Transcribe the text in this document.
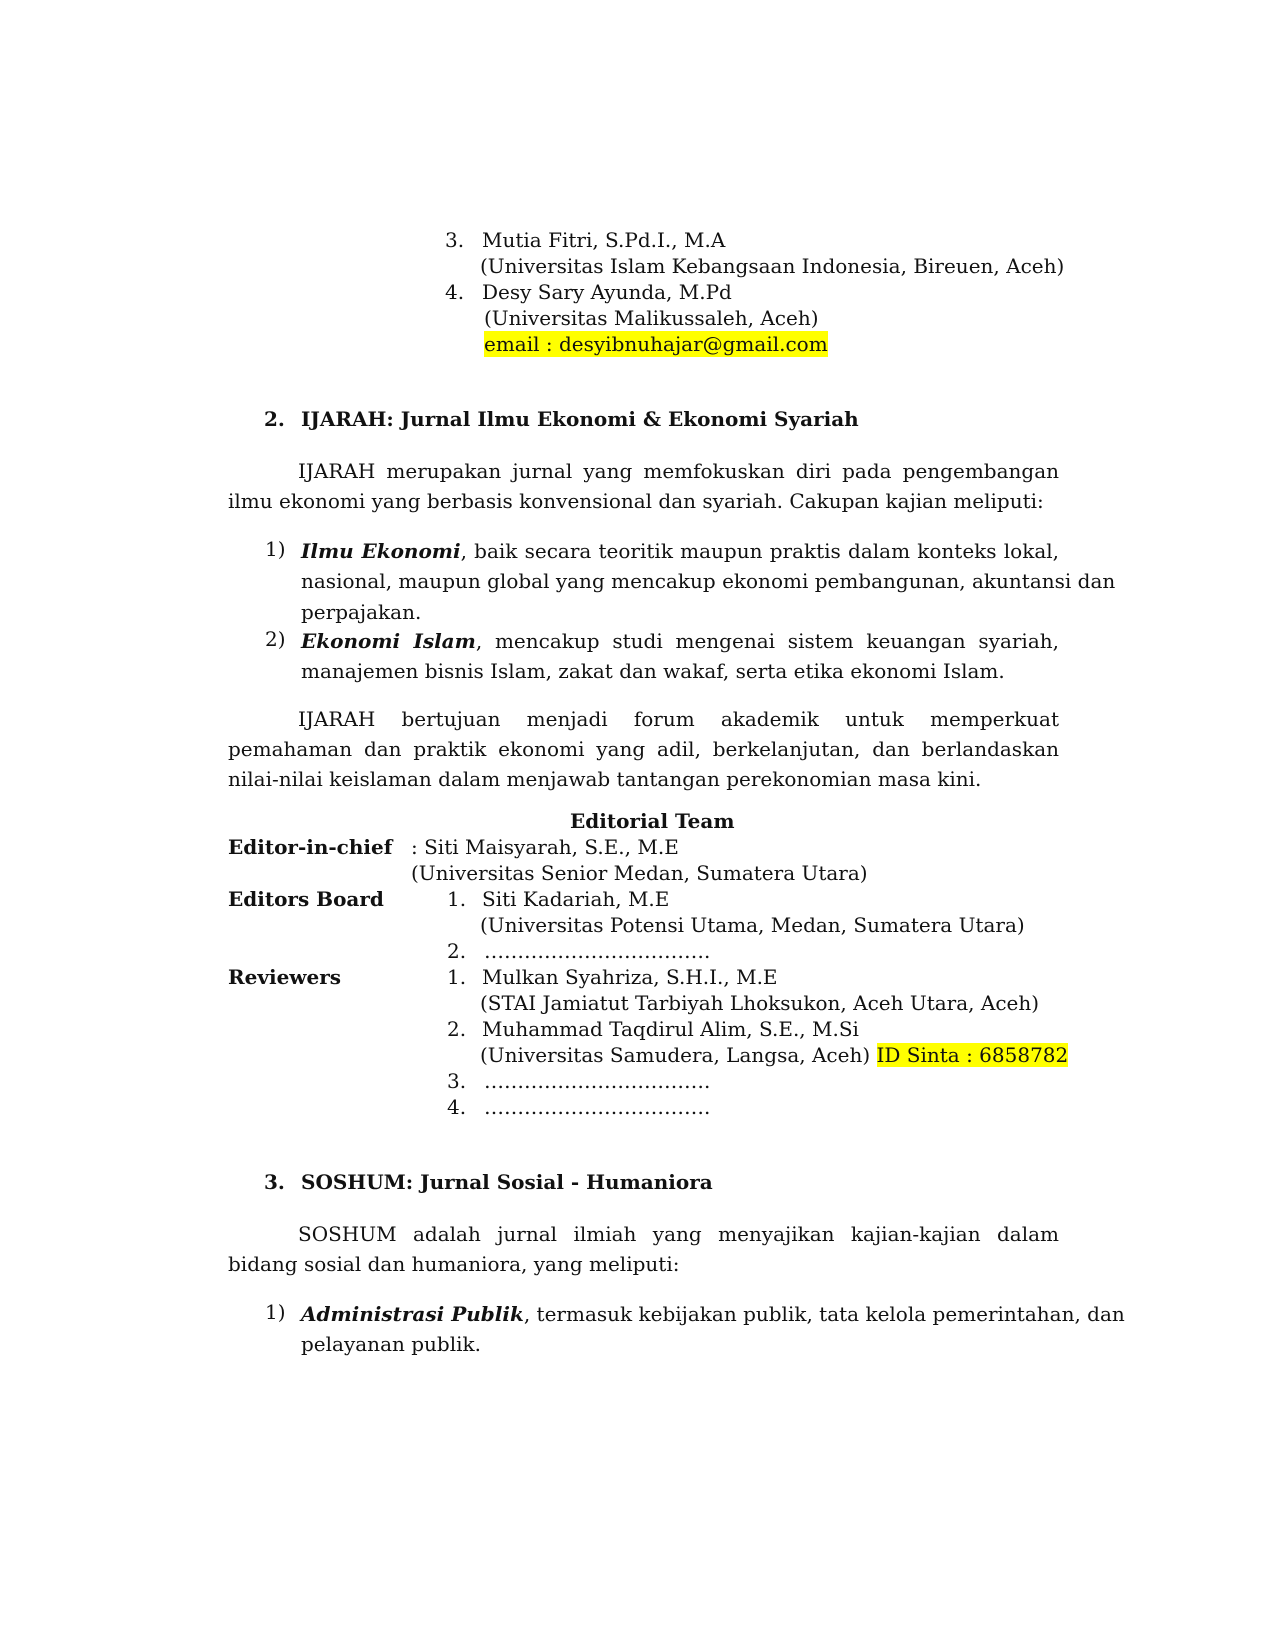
3. Mutia Fitri, S.Pd.I., M.A
(Universitas Islam Kebangsaan Indonesia, Bireuen, Aceh)
4. Desy Sary Ayunda, M.Pd
(Universitas Malikussaleh, Aceh)
email : desyibnuhajar@gmail.com
2. IJARAH: Jurnal Ilmu Ekonomi & Ekonomi Syariah
IJARAH merupakan jurnal yang memfokuskan diri pada pengembangan ilmu ekonomi yang berbasis konvensional dan syariah. Cakupan kajian meliputi:
1) Ilmu Ekonomi, baik secara teoritik maupun praktis dalam konteks lokal,
nasional, maupun global yang mencakup ekonomi pembangunan, akuntansi dan
perpajakan.
2) Ekonomi Islam, mencakup studi mengenai sistem keuangan syariah,
manajemen bisnis Islam, zakat dan wakaf, serta etika ekonomi Islam.
IJARAH bertujuan menjadi forum akademik untuk memperkuat pemahaman dan praktik ekonomi yang adil, berkelanjutan, dan berlandaskan nilai-nilai keislaman dalam menjawab tantangan perekonomian masa kini.
Editorial Team
Editor-in-chief : Siti Maisyarah, S.E., M.E
(Universitas Senior Medan, Sumatera Utara)
Editors Board	1. Siti Kadariah, M.E
(Universitas Potensi Utama, Medan, Sumatera Utara)
2. …………………………….
Reviewers	1. Mulkan Syahriza, S.H.I., M.E
(STAI Jamiatut Tarbiyah Lhoksukon, Aceh Utara, Aceh)
2. Muhammad Taqdirul Alim, S.E., M.Si
(Universitas Samudera, Langsa, Aceh) ID Sinta : 6858782
3. …………………………….
4. …………………………….
3. SOSHUM: Jurnal Sosial - Humaniora
SOSHUM adalah jurnal ilmiah yang menyajikan kajian-kajian dalam bidang sosial dan humaniora, yang meliputi:
1) Administrasi Publik, termasuk kebijakan publik, tata kelola pemerintahan, dan
pelayanan publik.
